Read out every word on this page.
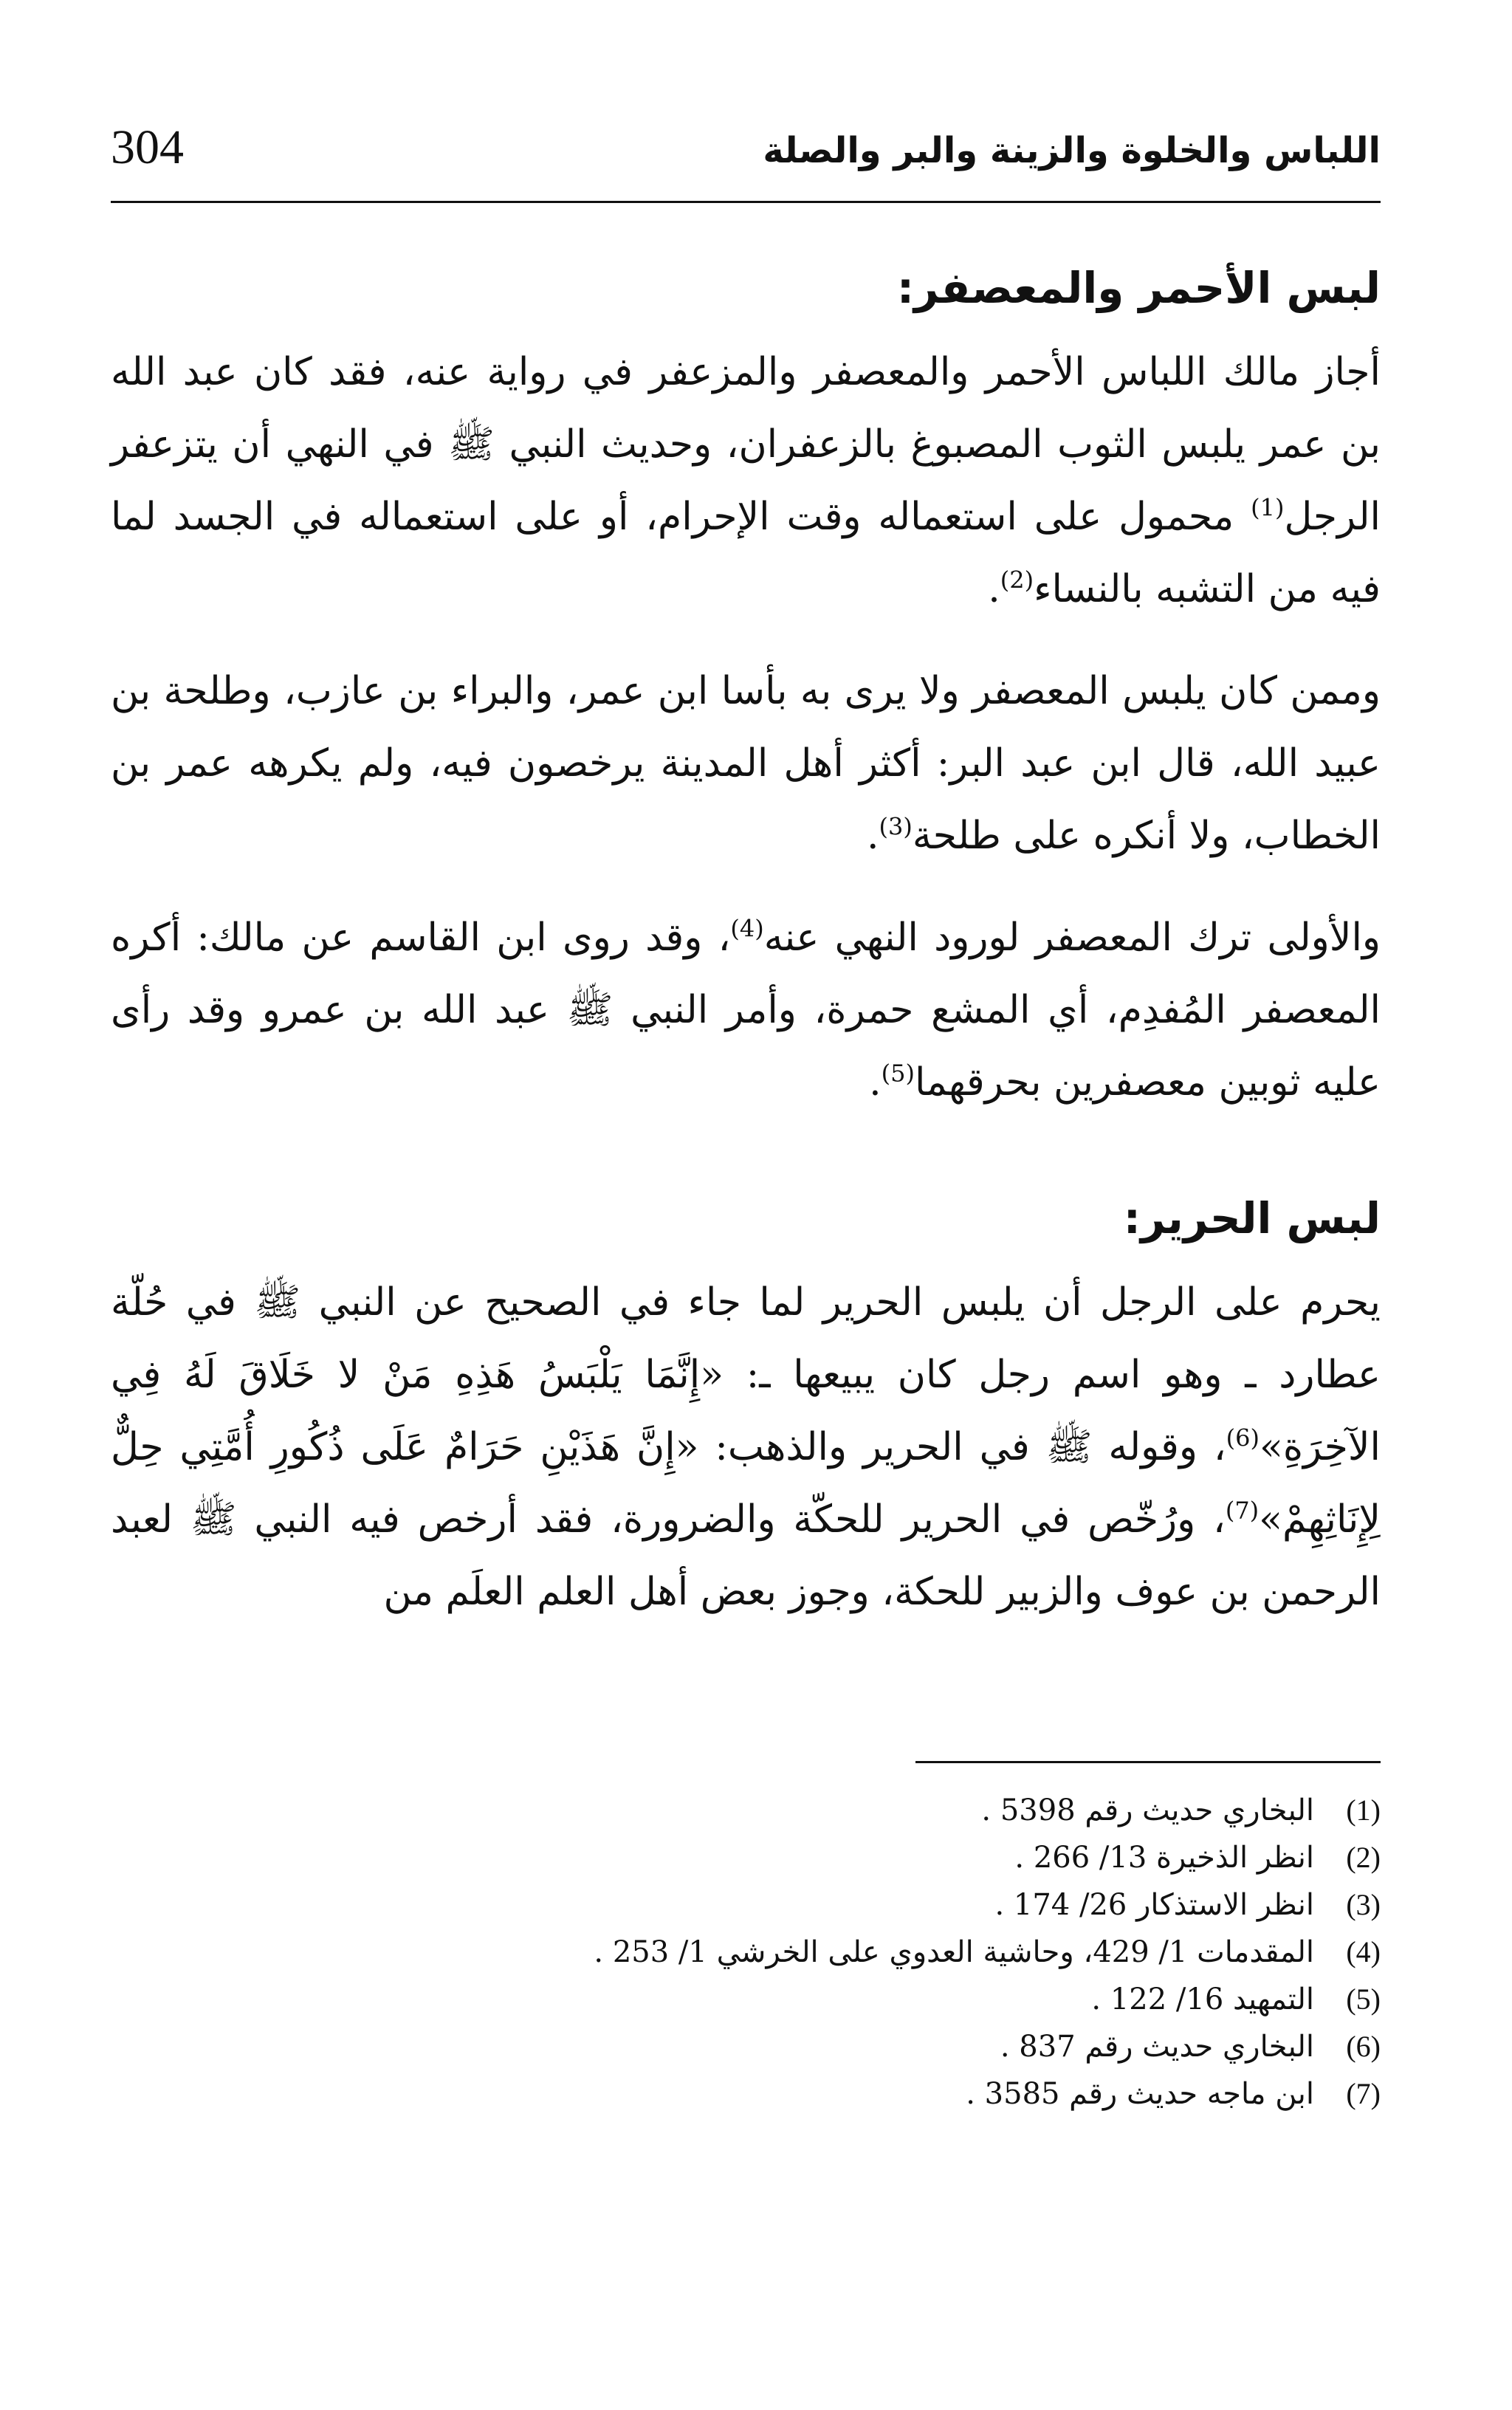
304	اللباس والخلوة والزينة والبر والصلة
لبس الأحمر والمعصفر:

أجاز مالك اللباس الأحمر والمعصفر والمزعفر في رواية عنه، فقد كان عبد الله بن عمر يلبس الثوب المصبوغ بالزعفران، وحديث النبي ﷺ في النهي أن يتزعفر الرجل$^{(1)}$ محمول على استعماله وقت الإحرام، أو على استعماله في الجسد لما فيه من التشبه بالنساء$^{(2)}$.

وممن كان يلبس المعصفر ولا يرى به بأسا ابن عمر، والبراء بن عازب، وطلحة بن عبيد الله، قال ابن عبد البر: أكثر أهل المدينة يرخصون فيه، ولم يكرهه عمر بن الخطاب، ولا أنكره على طلحة$^{(3)}$.

والأولى ترك المعصفر لورود النهي عنه$^{(4)}$، وقد روى ابن القاسم عن مالك: أكره المعصفر المُفدِم، أي المشع حمرة، وأمر النبي ﷺ عبد الله بن عمرو وقد رأى عليه ثوبين معصفرين بحرقهما$^{(5)}$.

لبس الحرير:

يحرم على الرجل أن يلبس الحرير لما جاء في الصحيح عن النبي ﷺ في حُلّة عطارد ـ وهو اسم رجل كان يبيعها ـ: «إِنَّمَا يَلْبَسُ هَذِهِ مَنْ لا خَلَاقَ لَهُ فِي الآخِرَةِ»$^{(6)}$، وقوله ﷺ في الحرير والذهب: «إِنَّ هَذَيْنِ حَرَامٌ عَلَى ذُكُورِ أُمَّتِي حِلٌّ لِإِنَاثِهِمْ»$^{(7)}$، ورُخّص في الحرير للحكّة والضرورة، فقد أرخص فيه النبي ﷺ لعبد الرحمن بن عوف والزبير للحكة، وجوز بعض أهل العلم العلَم من

(1)
البخاري حديث رقم 5398 .
(2)
انظر الذخيرة 13/ 266 .
(3)
انظر الاستذكار 26/ 174 .
(4)
المقدمات 1/ 429، وحاشية العدوي على الخرشي 1/ 253 .
(5)
التمهيد 16/ 122 .
(6)
البخاري حديث رقم 837 .
(7)
ابن ماجه حديث رقم 3585 .
